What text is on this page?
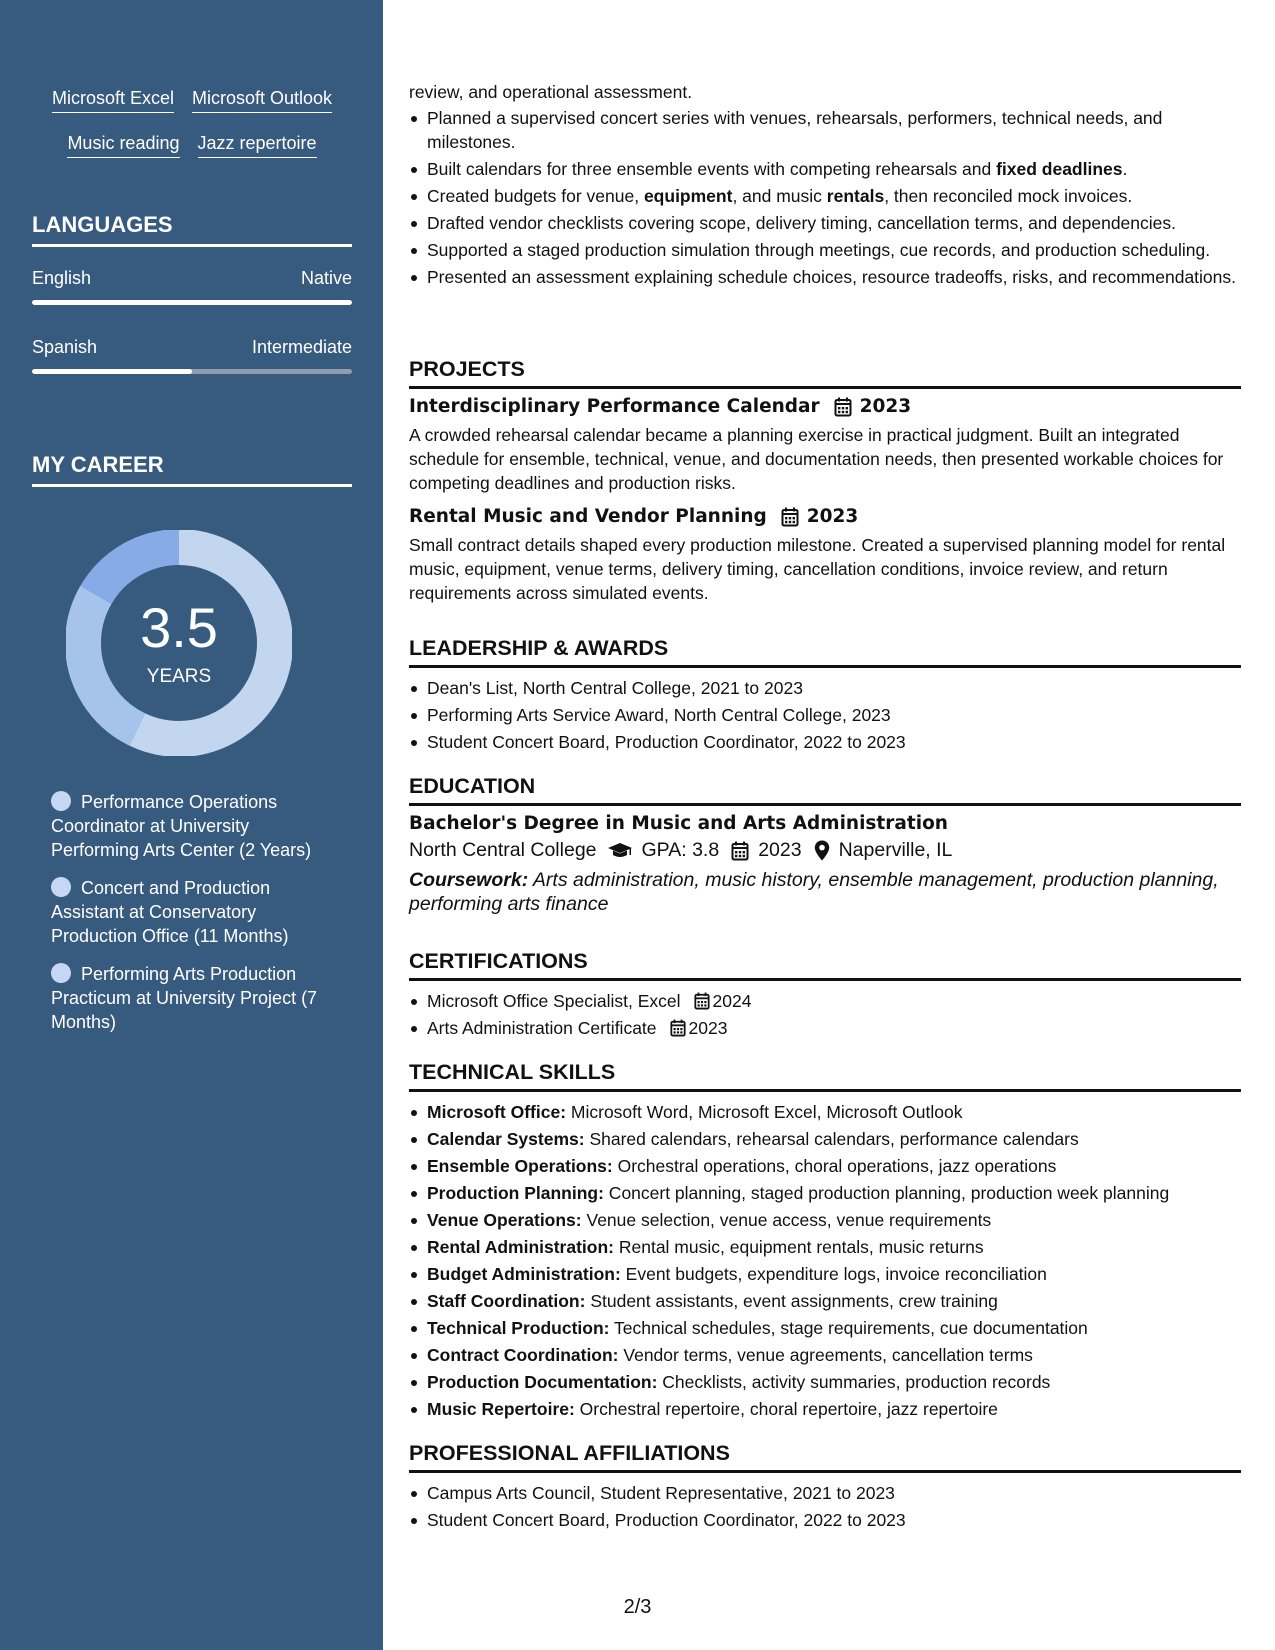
Microsoft Excel Microsoft Outlook
Music reading Jazz repertoire
LANGUAGES
English	Native
Spanish	Intermediate
MY CAREER
3.5
YEARS
Performance Operations Coordinator at University Performing Arts Center (2 Years)
Concert and Production Assistant at Conservatory Production Office (11 Months)
Performing Arts Production Practicum at University Project (7 Months)
review, and operational assessment.
Planned a supervised concert series with venues, rehearsals, performers, technical needs, and milestones.
Built calendars for three ensemble events with competing rehearsals and fixed deadlines.
Created budgets for venue, equipment, and music rentals, then reconciled mock invoices.
Drafted vendor checklists covering scope, delivery timing, cancellation terms, and dependencies.
Supported a staged production simulation through meetings, cue records, and production scheduling.
Presented an assessment explaining schedule choices, resource tradeoffs, risks, and recommendations.
PROJECTS
Interdisciplinary Performance Calendar 2023
A crowded rehearsal calendar became a planning exercise in practical judgment. Built an integrated schedule for ensemble, technical, venue, and documentation needs, then presented workable choices for competing deadlines and production risks.
Rental Music and Vendor Planning 2023
Small contract details shaped every production milestone. Created a supervised planning model for rental music, equipment, venue terms, delivery timing, cancellation conditions, invoice review, and return requirements across simulated events.
LEADERSHIP & AWARDS
Dean's List, North Central College, 2021 to 2023
Performing Arts Service Award, North Central College, 2023
Student Concert Board, Production Coordinator, 2022 to 2023
EDUCATION
Bachelor's Degree in Music and Arts Administration
North Central College GPA: 3.8 2023 Naperville, IL
Coursework: Arts administration, music history, ensemble management, production planning, performing arts finance
CERTIFICATIONS
Microsoft Office Specialist, Excel 2024
Arts Administration Certificate 2023
TECHNICAL SKILLS
Microsoft Office: Microsoft Word, Microsoft Excel, Microsoft Outlook
Calendar Systems: Shared calendars, rehearsal calendars, performance calendars
Ensemble Operations: Orchestral operations, choral operations, jazz operations
Production Planning: Concert planning, staged production planning, production week planning
Venue Operations: Venue selection, venue access, venue requirements
Rental Administration: Rental music, equipment rentals, music returns
Budget Administration: Event budgets, expenditure logs, invoice reconciliation
Staff Coordination: Student assistants, event assignments, crew training
Technical Production: Technical schedules, stage requirements, cue documentation
Contract Coordination: Vendor terms, venue agreements, cancellation terms
Production Documentation: Checklists, activity summaries, production records
Music Repertoire: Orchestral repertoire, choral repertoire, jazz repertoire
PROFESSIONAL AFFILIATIONS
Campus Arts Council, Student Representative, 2021 to 2023
Student Concert Board, Production Coordinator, 2022 to 2023
2/3
